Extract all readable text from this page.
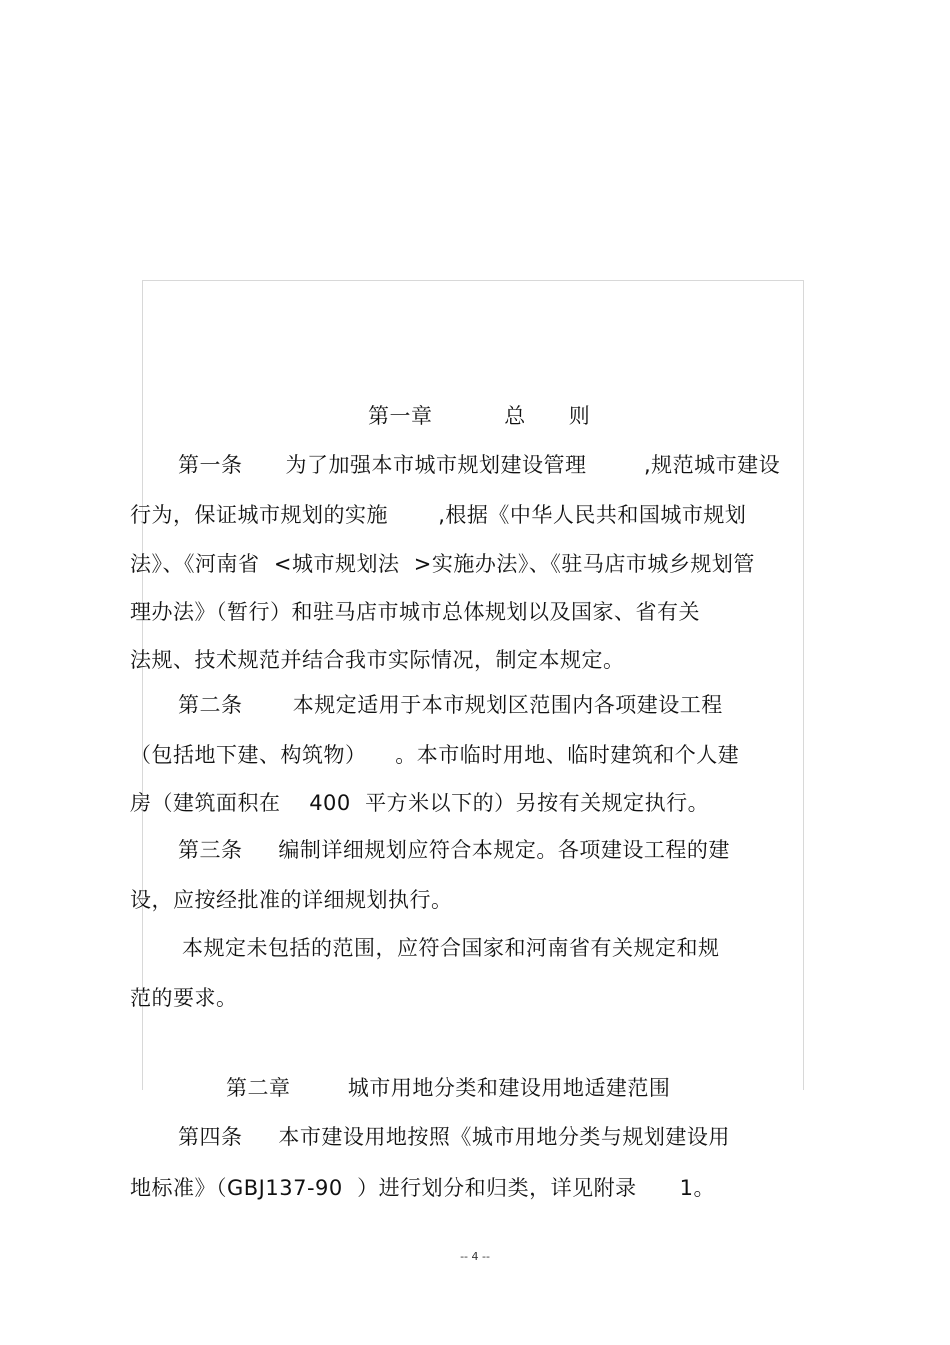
第一章          总      则
第一条      为了加强本市城市规划建设管理        ,规范城市建设
行为，保证城市规划的实施       ,根据《中华人民共和国城市规划
法》、《河南省  <城市规划法  >实施办法》、《驻马店市城乡规划管
理办法》（暂行）和驻马店市城市总体规划以及国家、省有关
法规、技术规范并结合我市实际情况，制定本规定。
第二条       本规定适用于本市规划区范围内各项建设工程
（包括地下建、构筑物）    。本市临时用地、临时建筑和个人建
房（建筑面积在    400  平方米以下的）另按有关规定执行。
第三条     编制详细规划应符合本规定。各项建设工程的建
设，应按经批准的详细规划执行。
本规定未包括的范围，应符合国家和河南省有关规定和规
范的要求。
第二章        城市用地分类和建设用地适建范围
第四条     本市建设用地按照《城市用地分类与规划建设用
地标准》（GBJ137-90  ）进行划分和归类，详见附录      1。
-- 4 --
